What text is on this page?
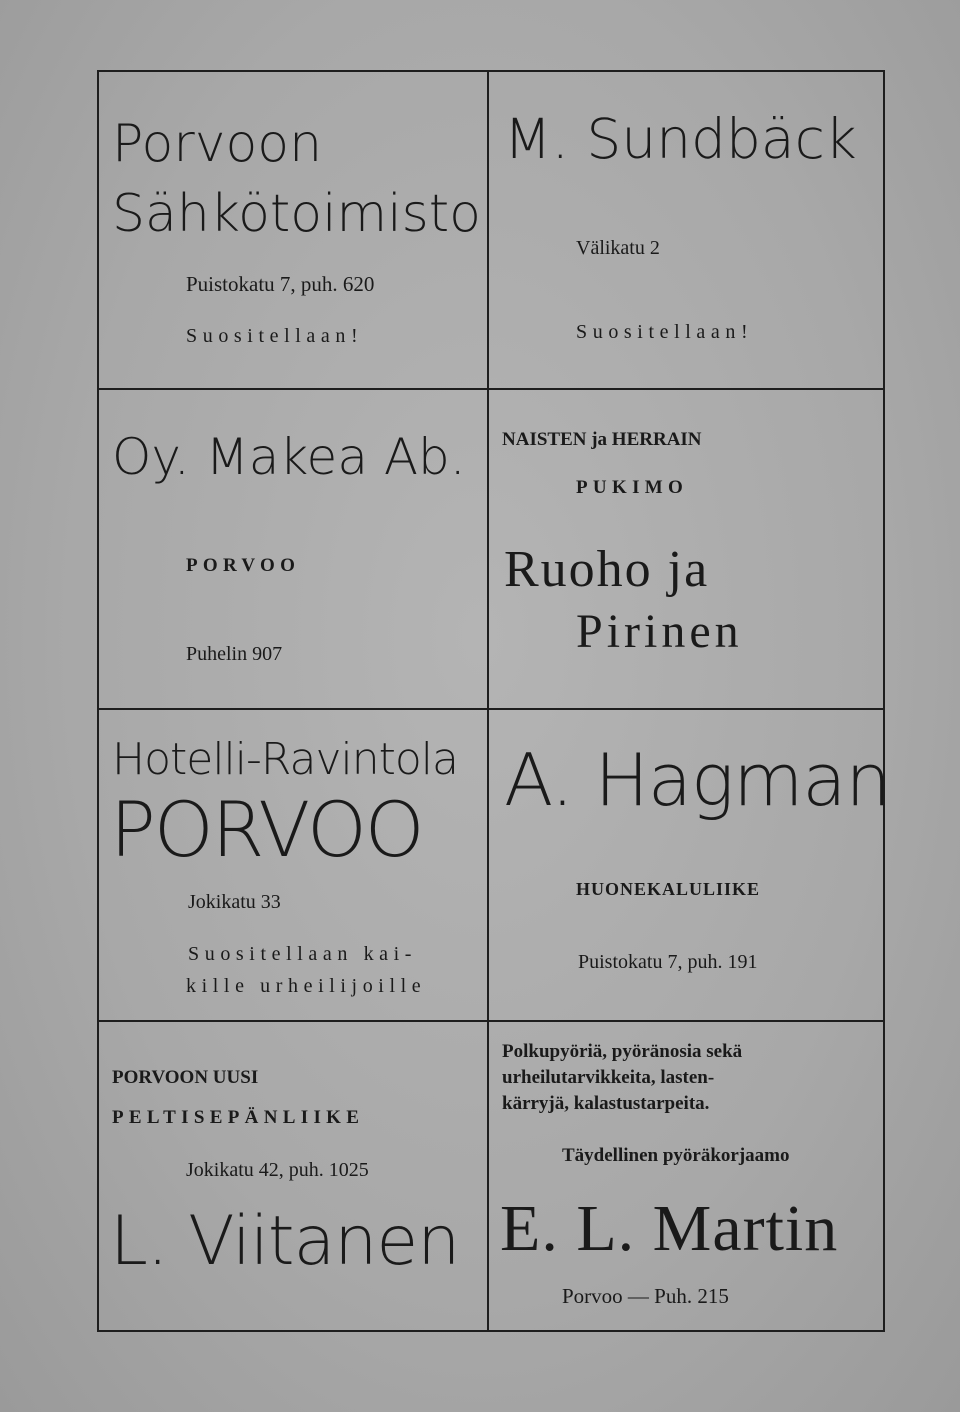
Porvoon
Sähkötoimisto
Puistokatu 7, puh. 620
Suositellaan!
M. Sundbäck
Välikatu 2
Suositellaan!
Oy. Makea Ab.
PORVOO
Puhelin 907
NAISTEN ja HERRAIN
PUKIMO
Ruoho ja
Pirinen
Hotelli-Ravintola
PORVOO
Jokikatu 33
Suositellaan kai-
kille urheilijoille
A. Hagman
HUONEKALULIIKE
Puistokatu 7, puh. 191
PORVOON UUSI
PELTISEPÄNLIIKE
Jokikatu 42, puh. 1025
L. Viitanen
Polkupyöriä, pyöränosia sekä
urheilutarvikkeita, lasten-
kärryjä, kalastustarpeita.
Täydellinen pyöräkorjaamo
E. L. Martin
Porvoo — Puh. 215
